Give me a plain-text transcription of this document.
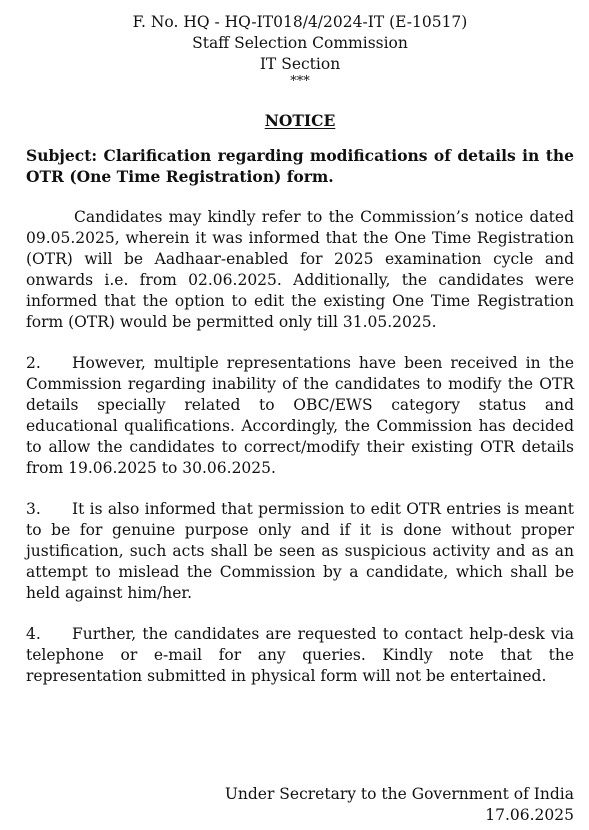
F. No. HQ - HQ-IT018/4/2024-IT (E-10517)
Staff Selection Commission
IT Section
***
NOTICE
Subject: Clarification regarding modifications of details in the OTR (One Time Registration) form.
Candidates may kindly refer to the Commission’s notice dated 09.05.2025, wherein it was informed that the One Time Registration (OTR) will be Aadhaar-enabled for 2025 examination cycle and onwards i.e. from 02.06.2025. Additionally, the candidates were informed that the option to edit the existing One Time Registration form (OTR) would be permitted only till 31.05.2025.
2. However, multiple representations have been received in the Commission regarding inability of the candidates to modify the OTR details specially related to OBC/EWS category status and educational qualifications. Accordingly, the Commission has decided to allow the candidates to correct/modify their existing OTR details from 19.06.2025 to 30.06.2025.
3. It is also informed that permission to edit OTR entries is meant to be for genuine purpose only and if it is done without proper justification, such acts shall be seen as suspicious activity and as an attempt to mislead the Commission by a candidate, which shall be held against him/her.
4. Further, the candidates are requested to contact help-desk via telephone or e-mail for any queries. Kindly note that the representation submitted in physical form will not be entertained.
Under Secretary to the Government of India
17.06.2025
